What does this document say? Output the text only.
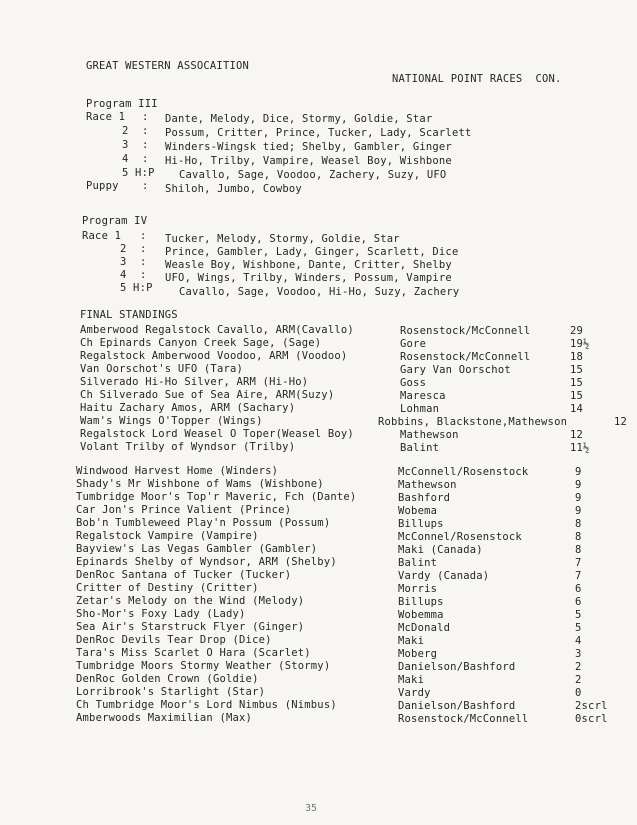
GREAT WESTERN ASSOCAITION
NATIONAL POINT RACES  CON.
Program III
Race 1 : Dante, Melody, Dice, Stormy, Goldie, Star
2 : Possum, Critter, Prince, Tucker, Lady, Scarlett
3 : Winders-Wingsk tied; Shelby, Gambler, Ginger
4 : Hi-Ho, Trilby, Vampire, Weasel Boy, Wishbone
5 H:P Cavallo, Sage, Voodoo, Zachery, Suzy, UFO
Puppy : Shiloh, Jumbo, Cowboy
Program IV
Race 1 : Tucker, Melody, Stormy, Goldie, Star
2 : Prince, Gambler, Lady, Ginger, Scarlett, Dice
3 : Weasle Boy, Wishbone, Dante, Critter, Shelby
4 : UFO, Wings, Trilby, Winders, Possum, Vampire
5 H:P	Cavallo, Sage, Voodoo, Hi-Ho, Suzy, Zachery
FINAL STANDINGS
Amberwood Regalstock Cavallo, ARM(Cavallo)	Rosenstock/McConnell	29
Ch Epinards Canyon Creek Sage, (Sage)	Gore	19½
Regalstock Amberwood Voodoo, ARM (Voodoo)	Rosenstock/McConnell	18
Van Oorschot's UFO (Tara)	Gary Van Oorschot	15
Silverado Hi-Ho Silver, ARM (Hi-Ho)	Goss	15
Ch Silverado Sue of Sea Aire, ARM(Suzy)	Maresca	15
Haitu Zachary Amos, ARM (Sachary)	Lohman	14
Wam's Wings O'Topper (Wings)	Robbins, Blackstone,Mathewson	12
Regalstock Lord Weasel O Toper(Weasel Boy)	Mathewson	12
Volant Trilby of Wyndsor (Trilby)	Balint	11½
Windwood Harvest Home (Winders)	McConnell/Rosenstock	9
Shady's Mr Wishbone of Wams (Wishbone)	Mathewson	9
Tumbridge Moor's Top'r Maveric, Fch (Dante)	Bashford	9
Car Jon's Prince Valient (Prince)	Wobema	9
Bob'n Tumbleweed Play'n Possum (Possum)	Billups	8
Regalstock Vampire (Vampire)	McConnel/Rosenstock	8
Bayview's Las Vegas Gambler (Gambler)	Maki (Canada)	8
Epinards Shelby of Wyndsor, ARM (Shelby)	Balint	7
DenRoc Santana of Tucker (Tucker)	Vardy (Canada)	7
Critter of Destiny (Critter)	Morris	6
Zetar's Melody on the Wind (Melody)	Billups	6
Sho-Mor's Foxy Lady (Lady)	Wobemma	5
Sea Air's Starstruck Flyer (Ginger)	McDonald	5
DenRoc Devils Tear Drop (Dice)	Maki	4
Tara's Miss Scarlet O Hara (Scarlet)	Moberg	3
Tumbridge Moors Stormy Weather (Stormy)	Danielson/Bashford	2
DenRoc Golden Crown (Goldie)	Maki	2
Lorribrook's Starlight (Star)	Vardy	0
Ch Tumbridge Moor's Lord Nimbus (Nimbus)	Danielson/Bashford	2scrl
Amberwoods Maximilian (Max)	Rosenstock/McConnell	0scrl
35
